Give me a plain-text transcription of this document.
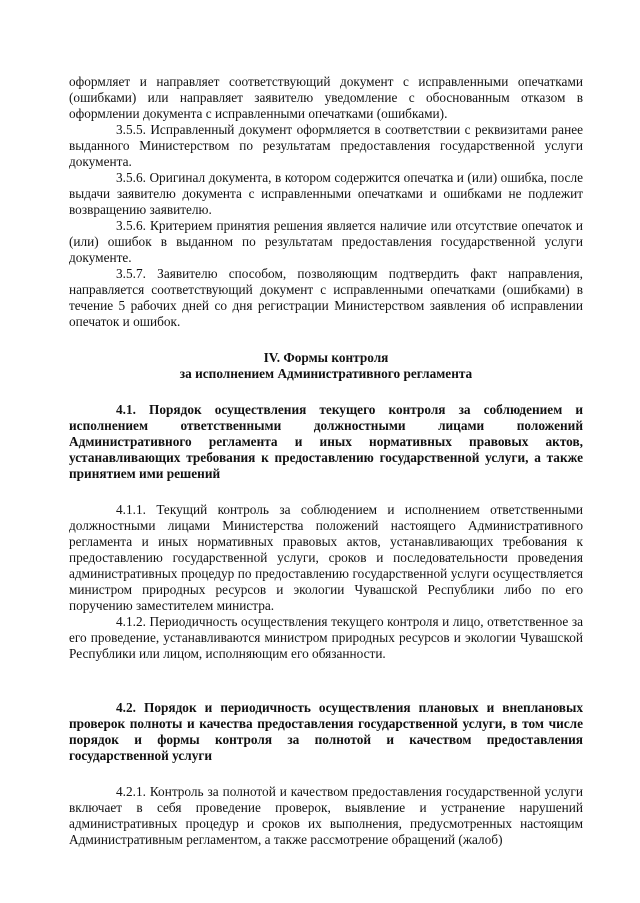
оформляет и направляет соответствующий документ с исправленными опечатками (ошибками) или направляет заявителю уведомление с обоснованным отказом в оформлении документа с исправленными опечатками (ошибками).

3.5.5. Исправленный документ оформляется в соответствии с реквизитами ранее выданного Министерством по результатам предоставления государственной услуги документа.

3.5.6. Оригинал документа, в котором содержится опечатка и (или) ошибка, после выдачи заявителю документа с исправленными опечатками и ошибками не подлежит возвращению заявителю.

3.5.6. Критерием принятия решения является наличие или отсутствие опечаток и (или) ошибок в выданном по результатам предоставления государственной услуги документе.

3.5.7. Заявителю способом, позволяющим подтвердить факт направления, направляется соответствующий документ с исправленными опечатками (ошибками) в течение 5 рабочих дней со дня регистрации Министерством заявления об исправлении опечаток и ошибок.

IV. Формы контроля

за исполнением Административного регламента

4.1. Порядок осуществления текущего контроля за соблюдением и исполнением ответственными должностными лицами положений Административного регламента и иных нормативных правовых актов, устанавливающих требования к предоставлению государственной услуги, а также принятием ими решений

4.1.1. Текущий контроль за соблюдением и исполнением ответственными должностными лицами Министерства положений настоящего Административного регламента и иных нормативных правовых актов, устанавливающих требования к предоставлению государственной услуги, сроков и последовательности проведения административных процедур по предоставлению государственной услуги осуществляется министром природных ресурсов и экологии Чувашской Республики либо по его поручению заместителем министра.

4.1.2. Периодичность осуществления текущего контроля и лицо, ответственное за его проведение, устанавливаются министром природных ресурсов и экологии Чувашской Республики или лицом, исполняющим его обязанности.

4.2. Порядок и периодичность осуществления плановых и внеплановых проверок полноты и качества предоставления государственной услуги, в том числе порядок и формы контроля за полнотой и качеством предоставления государственной услуги

4.2.1. Контроль за полнотой и качеством предоставления государственной услуги включает в себя проведение проверок, выявление и устранение нарушений административных процедур и сроков их выполнения, предусмотренных настоящим Административным регламентом, а также рассмотрение обращений (жалоб)
